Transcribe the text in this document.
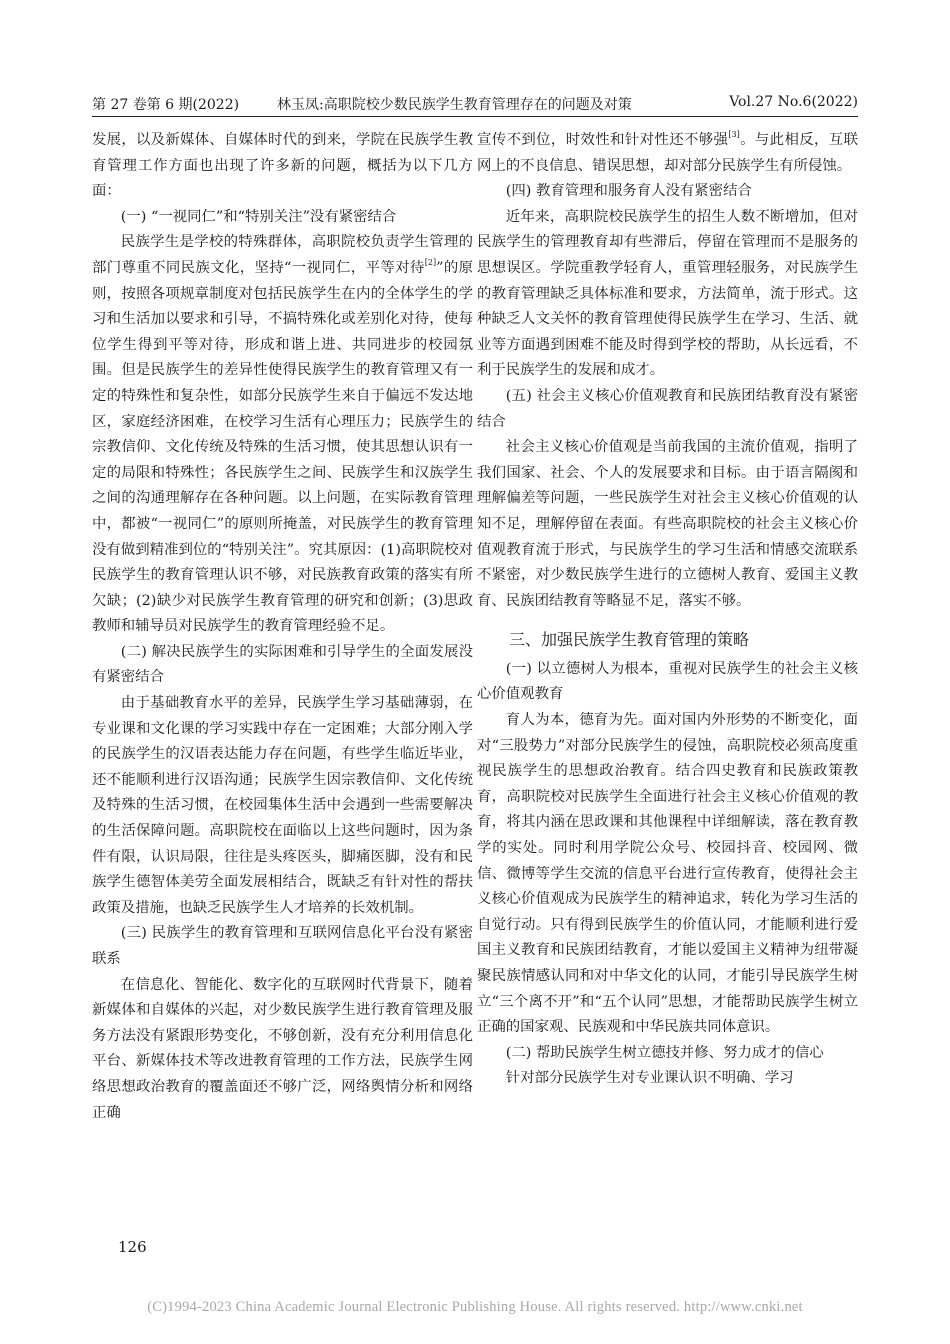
第 27 卷第 6 期(2022)	林玉凤:高职院校少数民族学生教育管理存在的问题及对策	Vol.27 No.6(2022)

发展，以及新媒体、自媒体时代的到来，学院在民族学生教育管理工作方面也出现了许多新的问题，概括为以下几方面：

(一) “一视同仁”和“特别关注”没有紧密结合

民族学生是学校的特殊群体，高职院校负责学生管理的部门尊重不同民族文化，坚持“一视同仁，平等对待[2]”的原则，按照各项规章制度对包括民族学生在内的全体学生的学习和生活加以要求和引导，不搞特殊化或差别化对待，使每位学生得到平等对待，形成和谐上进、共同进步的校园氛围。但是民族学生的差异性使得民族学生的教育管理又有一定的特殊性和复杂性，如部分民族学生来自于偏远不发达地区，家庭经济困难，在校学习生活有心理压力；民族学生的宗教信仰、文化传统及特殊的生活习惯，使其思想认识有一定的局限和特殊性；各民族学生之间、民族学生和汉族学生之间的沟通理解存在各种问题。以上问题，在实际教育管理中，都被“一视同仁”的原则所掩盖，对民族学生的教育管理没有做到精准到位的“特别关注”。究其原因：(1)高职院校对民族学生的教育管理认识不够，对民族教育政策的落实有所欠缺；(2)缺少对民族学生教育管理的研究和创新；(3)思政教师和辅导员对民族学生的教育管理经验不足。

(二) 解决民族学生的实际困难和引导学生的全面发展没有紧密结合

由于基础教育水平的差异，民族学生学习基础薄弱，在专业课和文化课的学习实践中存在一定困难；大部分刚入学的民族学生的汉语表达能力存在问题，有些学生临近毕业，还不能顺利进行汉语沟通；民族学生因宗教信仰、文化传统及特殊的生活习惯，在校园集体生活中会遇到一些需要解决的生活保障问题。高职院校在面临以上这些问题时，因为条件有限，认识局限，往往是头疼医头，脚痛医脚，没有和民族学生德智体美劳全面发展相结合，既缺乏有针对性的帮扶政策及措施，也缺乏民族学生人才培养的长效机制。

(三) 民族学生的教育管理和互联网信息化平台没有紧密联系

在信息化、智能化、数字化的互联网时代背景下，随着新媒体和自媒体的兴起，对少数民族学生进行教育管理及服务方法没有紧跟形势变化，不够创新，没有充分利用信息化平台、新媒体技术等改进教育管理的工作方法，民族学生网络思想政治教育的覆盖面还不够广泛，网络舆情分析和网络正确

宣传不到位，时效性和针对性还不够强[3]。与此相反，互联网上的不良信息、错误思想，却对部分民族学生有所侵蚀。

(四) 教育管理和服务育人没有紧密结合

近年来，高职院校民族学生的招生人数不断增加，但对民族学生的管理教育却有些滞后，停留在管理而不是服务的思想误区。学院重教学轻育人，重管理轻服务，对民族学生的教育管理缺乏具体标准和要求，方法简单，流于形式。这种缺乏人文关怀的教育管理使得民族学生在学习、生活、就业等方面遇到困难不能及时得到学校的帮助，从长远看，不利于民族学生的发展和成才。

(五) 社会主义核心价值观教育和民族团结教育没有紧密结合

社会主义核心价值观是当前我国的主流价值观，指明了我们国家、社会、个人的发展要求和目标。由于语言隔阂和理解偏差等问题，一些民族学生对社会主义核心价值观的认知不足，理解停留在表面。有些高职院校的社会主义核心价值观教育流于形式，与民族学生的学习生活和情感交流联系不紧密，对少数民族学生进行的立德树人教育、爱国主义教育、民族团结教育等略显不足，落实不够。

三、加强民族学生教育管理的策略

(一) 以立德树人为根本，重视对民族学生的社会主义核心价值观教育

育人为本，德育为先。面对国内外形势的不断变化，面对“三股势力”对部分民族学生的侵蚀，高职院校必须高度重视民族学生的思想政治教育。结合四史教育和民族政策教育，高职院校对民族学生全面进行社会主义核心价值观的教育，将其内涵在思政课和其他课程中详细解读，落在教育教学的实处。同时利用学院公众号、校园抖音、校园网、微信、微博等学生交流的信息平台进行宣传教育，使得社会主义核心价值观成为民族学生的精神追求，转化为学习生活的自觉行动。只有得到民族学生的价值认同，才能顺利进行爱国主义教育和民族团结教育，才能以爱国主义精神为纽带凝聚民族情感认同和对中华文化的认同，才能引导民族学生树立“三个离不开”和“五个认同”思想，才能帮助民族学生树立正确的国家观、民族观和中华民族共同体意识。

(二) 帮助民族学生树立德技并修、努力成才的信心

针对部分民族学生对专业课认识不明确、学习

126
(C)1994-2023 China Academic Journal Electronic Publishing House. All rights reserved. http://www.cnki.net
